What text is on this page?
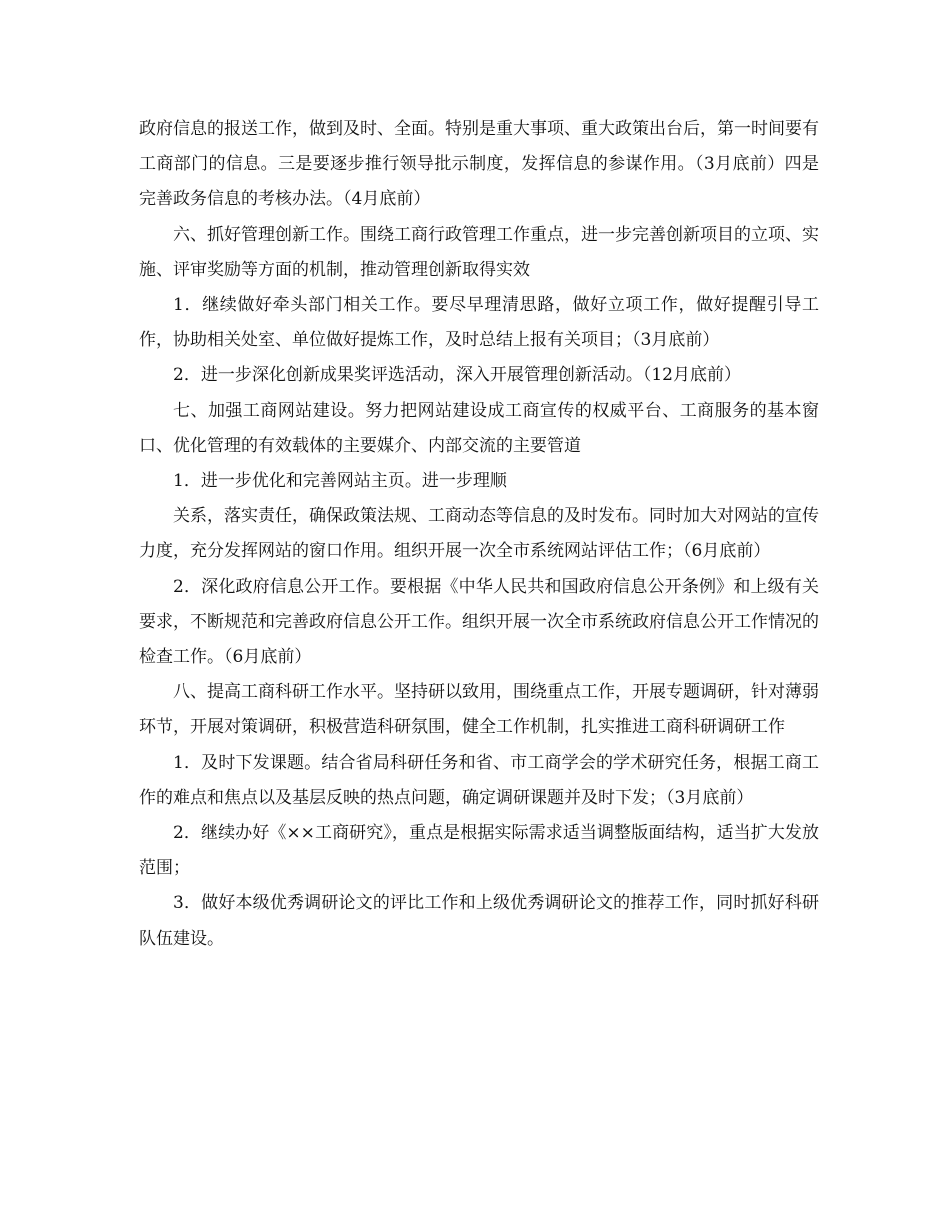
政府信息的报送工作，做到及时、全面。特别是重大事项、重大政策出台后，第一时间要有工商部门的信息。三是要逐步推行领导批示制度，发挥信息的参谋作用。（3月底前）四是完善政务信息的考核办法。（4月底前）

六、抓好管理创新工作。围绕工商行政管理工作重点，进一步完善创新项目的立项、实施、评审奖励等方面的机制，推动管理创新取得实效

1．继续做好牵头部门相关工作。要尽早理清思路，做好立项工作，做好提醒引导工作，协助相关处室、单位做好提炼工作，及时总结上报有关项目；（3月底前）

2．进一步深化创新成果奖评选活动，深入开展管理创新活动。（12月底前）

七、加强工商网站建设。努力把网站建设成工商宣传的权威平台、工商服务的基本窗口、优化管理的有效载体的主要媒介、内部交流的主要管道

1．进一步优化和完善网站主页。进一步理顺

关系，落实责任，确保政策法规、工商动态等信息的及时发布。同时加大对网站的宣传力度，充分发挥网站的窗口作用。组织开展一次全市系统网站评估工作；（6月底前）

2．深化政府信息公开工作。要根据《中华人民共和国政府信息公开条例》和上级有关要求，不断规范和完善政府信息公开工作。组织开展一次全市系统政府信息公开工作情况的检查工作。（6月底前）

八、提高工商科研工作水平。坚持研以致用，围绕重点工作，开展专题调研，针对薄弱环节，开展对策调研，积极营造科研氛围，健全工作机制，扎实推进工商科研调研工作

1．及时下发课题。结合省局科研任务和省、市工商学会的学术研究任务，根据工商工作的难点和焦点以及基层反映的热点问题，确定调研课题并及时下发；（3月底前）

2．继续办好《××工商研究》，重点是根据实际需求适当调整版面结构，适当扩大发放范围；

3．做好本级优秀调研论文的评比工作和上级优秀调研论文的推荐工作，同时抓好科研队伍建设。
